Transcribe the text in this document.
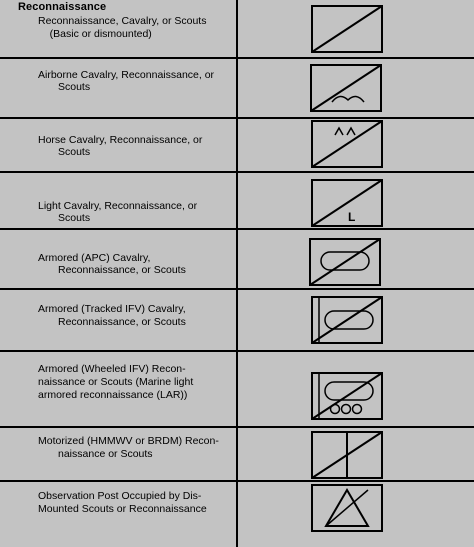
Reconnaissance
Reconnaissance, Cavalry, or Scouts
(Basic or dismounted)
Airborne Cavalry, Reconnaissance, or
Scouts
Horse Cavalry, Reconnaissance, or
Scouts
Light Cavalry, Reconnaissance, or
Scouts	L
Armored (APC) Cavalry,
Reconnaissance, or Scouts
Armored (Tracked IFV) Cavalry,
Reconnaissance, or Scouts
Armored (Wheeled IFV) Recon-
naissance or Scouts (Marine light
armored reconnaissance (LAR))
Motorized (HMMWV or BRDM) Recon-
naissance or Scouts
Observation Post Occupied by Dis-
Mounted Scouts or Reconnaissance
